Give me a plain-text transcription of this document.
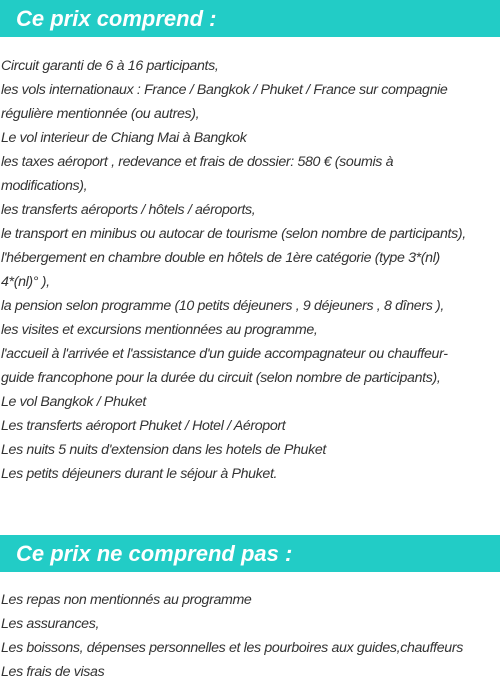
Ce prix comprend :
Circuit garanti de 6 à 16 participants,
les vols internationaux : France / Bangkok / Phuket / France sur compagnie
régulière mentionnée (ou autres),
Le vol interieur de Chiang Mai à Bangkok
les taxes aéroport , redevance et frais de dossier: 580 € (soumis à
modifications),
les transferts aéroports / hôtels / aéroports,
le transport en minibus ou autocar de tourisme (selon nombre de participants),
l'hébergement en chambre double en hôtels de 1ère catégorie (type 3*(nl)
4*(nl)° ),
la pension selon programme (10 petits déjeuners , 9 déjeuners , 8 dîners ),
les visites et excursions mentionnées au programme,
l'accueil à l'arrivée et l'assistance d'un guide accompagnateur ou chauffeur-
guide francophone pour la durée du circuit (selon nombre de participants),
Le vol Bangkok / Phuket
Les transferts aéroport Phuket / Hotel / Aéroport
Les nuits 5 nuits d'extension dans les hotels de Phuket
Les petits déjeuners durant le séjour à Phuket.
Ce prix ne comprend pas :
Les repas non mentionnés au programme
Les assurances,
Les boissons, dépenses personnelles et les pourboires aux guides,chauffeurs
Les frais de visas
